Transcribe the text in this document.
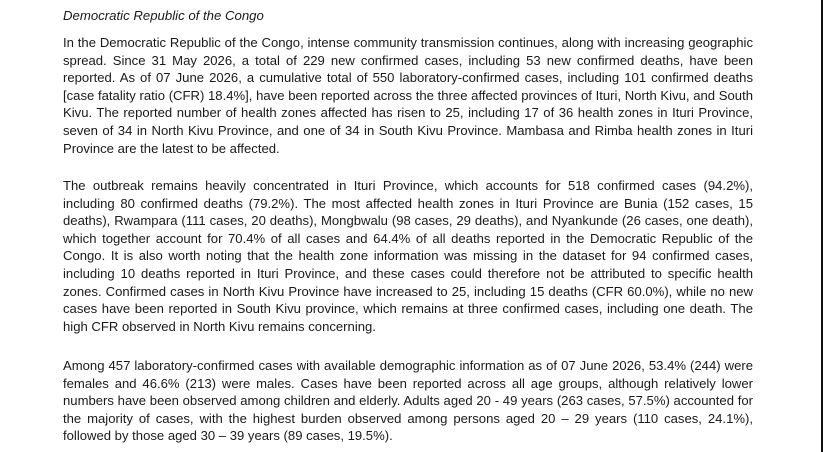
Democratic Republic of the Congo

In the Democratic Republic of the Congo, intense community transmission continues, along with increasing geographic spread. Since 31 May 2026, a total of 229 new confirmed cases, including 53 new confirmed deaths, have been reported. As of 07 June 2026, a cumulative total of 550 laboratory-confirmed cases, including 101 confirmed deaths [case fatality ratio (CFR) 18.4%], have been reported across the three affected provinces of Ituri, North Kivu, and South Kivu. The reported number of health zones affected has risen to 25, including 17 of 36 health zones in Ituri Province, seven of 34 in North Kivu Province, and one of 34 in South Kivu Province. Mambasa and Rimba health zones in Ituri Province are the latest to be affected.

The outbreak remains heavily concentrated in Ituri Province, which accounts for 518 confirmed cases (94.2%), including 80 confirmed deaths (79.2%). The most affected health zones in Ituri Province are Bunia (152 cases, 15 deaths), Rwampara (111 cases, 20 deaths), Mongbwalu (98 cases, 29 deaths), and Nyankunde (26 cases, one death), which together account for 70.4% of all cases and 64.4% of all deaths reported in the Democratic Republic of the Congo. It is also worth noting that the health zone information was missing in the dataset for 94 confirmed cases, including 10 deaths reported in Ituri Province, and these cases could therefore not be attributed to specific health zones. Confirmed cases in North Kivu Province have increased to 25, including 15 deaths (CFR 60.0%), while no new cases have been reported in South Kivu province, which remains at three confirmed cases, including one death. The high CFR observed in North Kivu remains concerning.

Among 457 laboratory-confirmed cases with available demographic information as of 07 June 2026, 53.4% (244) were females and 46.6% (213) were males. Cases have been reported across all age groups, although relatively lower numbers have been observed among children and elderly. Adults aged 20 - 49 years (263 cases, 57.5%) accounted for the majority of cases, with the highest burden observed among persons aged 20 – 29 years (110 cases, 24.1%), followed by those aged 30 – 39 years (89 cases, 19.5%).
